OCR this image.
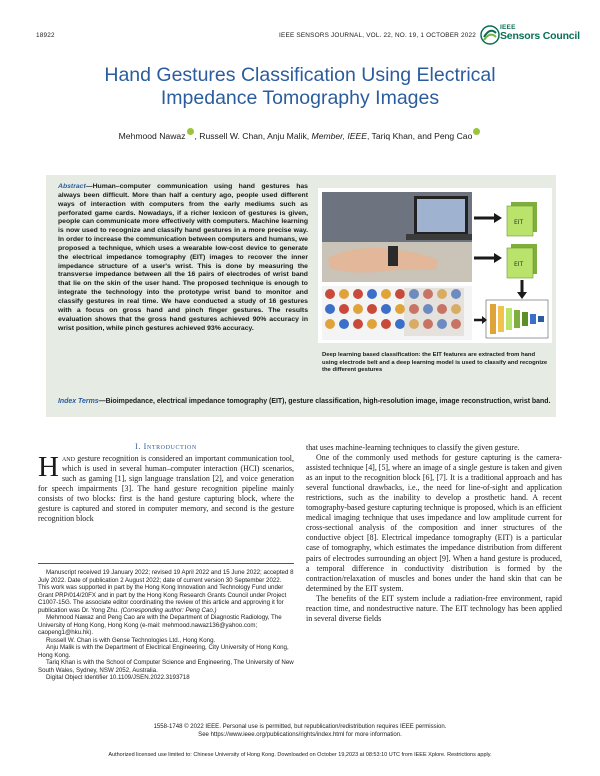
18922	IEEE SENSORS JOURNAL, VOL. 22, NO. 19, 1 OCTOBER 2022
IEEE
Sensors Council
Hand Gestures Classification Using Electrical
Impedance Tomography Images
Mehmood Nawaz , Russell W. Chan, Anju Malik, Member, IEEE, Tariq Khan, and Peng Cao
Abstract—Human–computer communication using hand gestures has always been difficult. More than half a century ago, people used different ways of interaction with computers from the early mediums such as perforated game cards. Nowadays, if a richer lexicon of gestures is given, people can communicate more effectively with computers. Machine learning is now used to recognize and classify hand gestures in a more precise way. In order to increase the communication between computers and humans, we proposed a technique, which uses a wearable low-cost device to generate the electrical impedance tomography (EIT) images to recover the inner impedance structure of a user's wrist. This is done by measuring the transverse impedance between all the 16 pairs of electrodes of wrist band that lie on the skin of the user hand. The proposed technique is enough to integrate the technology into the prototype wrist band to monitor and classify gestures in real time. We have conducted a study of 16 gestures with a focus on gross hand and pinch finger gestures. The results evaluation shows that the gross hand gestures achieved 90% accuracy in wrist position, while pinch gestures achieved 93% accuracy.
EIT
EIT
Deep learning based classification: the EIT features are extracted from hand using electrode belt and a deep learning model is used to classify and recognize the different gestures
Index Terms—Bioimpedance, electrical impedance tomography (EIT), gesture classification, high-resolution image, image reconstruction, wrist band.
I. Introduction

Hand gesture recognition is considered an important communication tool, which is used in several human–computer interaction (HCI) scenarios, such as gaming [1], sign language translation [2], and voice generation for speech impairments [3]. The hand gesture recognition pipeline mainly consists of two blocks: first is the hand gesture capturing block, where the gesture is captured and stored in computer memory, and second is the gesture recognition block

Manuscript received 19 January 2022; revised 19 April 2022 and 15 June 2022; accepted 8 July 2022. Date of publication 2 August 2022; date of current version 30 September 2022. This work was supported in part by the Hong Kong Innovation and Technology Fund under Grant PRP/014/20FX and in part by the Hong Kong Research Grants Council under Project C1007-15G. The associate editor coordinating the review of this article and approving it for publication was Dr. Yong Zhu. (Corresponding author: Peng Cao.)

Mehmood Nawaz and Peng Cao are with the Department of Diagnostic Radiology, The University of Hong Kong, Hong Kong (e-mail: mehmood.nawaz136@yahoo.com; caopeng1@hku.hk).

Russell W. Chan is with Gense Technologies Ltd., Hong Kong.

Anju Malik is with the Department of Electrical Engineering, City University of Hong Kong, Hong Kong.

Tariq Khan is with the School of Computer Science and Engineering, The University of New South Wales, Sydney, NSW 2052, Australia.

Digital Object Identifier 10.1109/JSEN.2022.3193718

that uses machine-learning techniques to classify the given gesture.

One of the commonly used methods for gesture capturing is the camera-assisted technique [4], [5], where an image of a single gesture is taken and given as an input to the recognition block [6], [7]. It is a traditional approach and has several functional drawbacks, i.e., the need for line-of-sight and application restrictions, such as the inability to develop a prosthetic hand. A recent tomography-based gesture capturing technique is proposed, which is an efficient medical imaging technique that uses impedance and low amplitude current for cross-sectional analysis of the composition and inner structures of the conductive object [8]. Electrical impedance tomography (EIT) is a particular case of tomography, which estimates the impedance distribution from different pairs of electrodes surrounding an object [9]. When a hand gesture is produced, a temporal difference in conductivity distribution is formed by the contraction/relaxation of muscles and bones under the hand skin that can be determined by the EIT system.

The benefits of the EIT system include a radiation-free environment, rapid reaction time, and nondestructive nature. The EIT technology has been applied in several diverse fields

1558-1748 © 2022 IEEE. Personal use is permitted, but republication/redistribution requires IEEE permission.
See https://www.ieee.org/publications/rights/index.html for more information.
Authorized licensed use limited to: Chinese University of Hong Kong. Downloaded on October 19,2023 at 08:53:10 UTC from IEEE Xplore. Restrictions apply.
